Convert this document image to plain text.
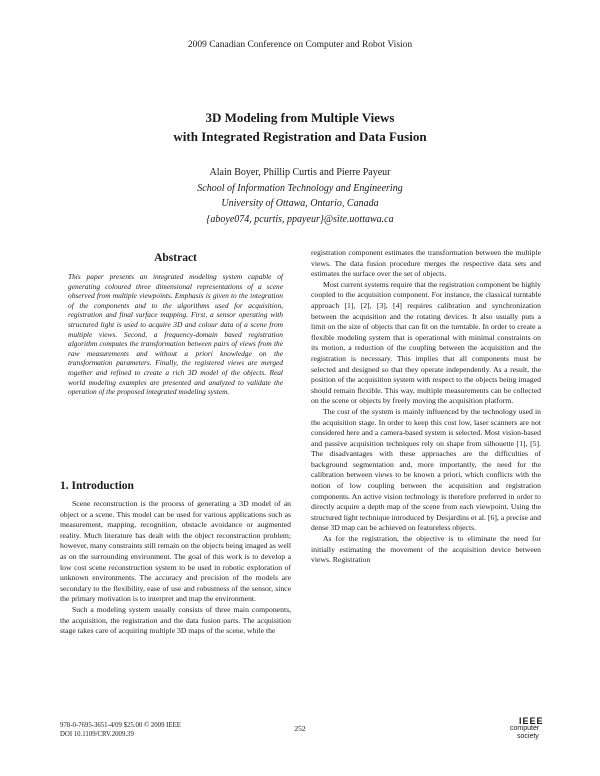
2009 Canadian Conference on Computer and Robot Vision
3D Modeling from Multiple Views
with Integrated Registration and Data Fusion
Alain Boyer, Phillip Curtis and Pierre Payeur
School of Information Technology and Engineering
University of Ottawa, Ontario, Canada
{aboye074, pcurtis, ppayeur}@site.uottawa.ca
Abstract
This paper presents an integrated modeling system capable of generating coloured three dimensional representations of a scene observed from multiple viewpoints. Emphasis is given to the integration of the components and to the algorithms used for acquisition, registration and final surface mapping. First, a sensor operating with structured light is used to acquire 3D and colour data of a scene from multiple views. Second, a frequency-domain based registration algorithm computes the transformation between pairs of views from the raw measurements and without a priori knowledge on the transformation parameters. Finally, the registered views are merged together and refined to create a rich 3D model of the objects. Real world modeling examples are presented and analyzed to validate the operation of the proposed integrated modeling system.
1. Introduction

Scene reconstruction is the process of generating a 3D model of an object or a scene. This model can be used for various applications such as measurement, mapping, recognition, obstacle avoidance or augmented reality. Much literature has dealt with the object reconstruction problem; however, many constraints still remain on the objects being imaged as well as on the surrounding environment. The goal of this work is to develop a low cost scene reconstruction system to be used in robotic exploration of unknown environments. The accuracy and precision of the models are secondary to the flexibility, ease of use and robustness of the sensor, since the primary motivation is to interpret and map the environment.

Such a modeling system usually consists of three main components, the acquisition, the registration and the data fusion parts. The acquisition stage takes care of acquiring multiple 3D maps of the scene, while the

registration component estimates the transformation between the multiple views. The data fusion procedure merges the respective data sets and estimates the surface over the set of objects.

Most current systems require that the registration component be highly coupled to the acquisition component. For instance, the classical turntable approach [1], [2], [3], [4] requires calibration and synchronization between the acquisition and the rotating devices. It also usually puts a limit on the size of objects that can fit on the turntable. In order to create a flexible modeling system that is operational with minimal constraints on its motion, a reduction of the coupling between the acquisition and the registration is necessary. This implies that all components must be selected and designed so that they operate independently. As a result, the position of the acquisition system with respect to the objects being imaged should remain flexible. This way, multiple measurements can be collected on the scene or objects by freely moving the acquisition platform.

The cost of the system is mainly influenced by the technology used in the acquisition stage. In order to keep this cost low, laser scanners are not considered here and a camera-based system is selected. Most vision-based and passive acquisition techniques rely on shape from silhouette [1], [5]. The disadvantages with these approaches are the difficulties of background segmentation and, more importantly, the need for the calibration between views to be known a priori, which conflicts with the notion of low coupling between the acquisition and registration components. An active vision technology is therefore preferred in order to directly acquire a depth map of the scene from each viewpoint. Using the structured light technique introduced by Desjardins et al. [6], a precise and dense 3D map can be achieved on featureless objects.

As for the registration, the objective is to eliminate the need for initially estimating the movement of the acquisition device between views. Registration

978-0-7695-3651-4/09 $25.00 © 2009 IEEE
DOI 10.1109/CRV.2009.39
252
IEEE
computer
society
